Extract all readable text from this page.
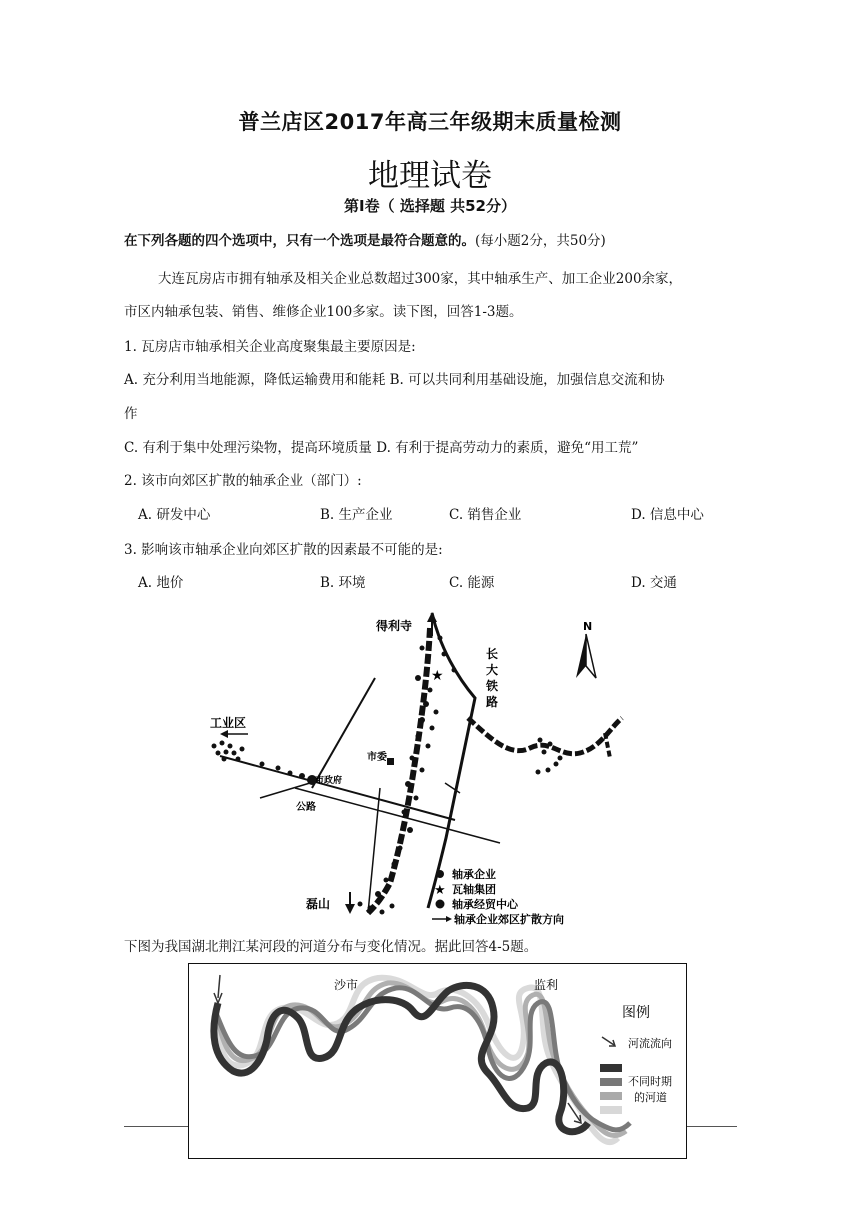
普兰店区2017年高三年级期末质量检测
地理试卷
第Ⅰ卷（ 选择题 共52分）
在下列各题的四个选项中，只有一个选项是最符合题意的。(每小题2分，共50分)
大连瓦房店市拥有轴承及相关企业总数超过300家，其中轴承生产、加工企业200余家，
市区内轴承包装、销售、维修企业100多家。读下图，回答1-3题。
1. 瓦房店市轴承相关企业高度聚集最主要原因是:
A. 充分利用当地能源，降低运输费用和能耗 B. 可以共同利用基础设施，加强信息交流和协
作
C. 有利于集中处理污染物，提高环境质量 D. 有利于提高劳动力的素质，避免“用工荒”
2. 该市向郊区扩散的轴承企业（部门）:
A. 研发中心	B. 生产企业	C. 销售企业	D. 信息中心
3. 影响该市轴承企业向郊区扩散的因素最不可能的是:
A. 地价	B. 环境	C. 能源	D. 交通
N
得利寺
长
大
铁
路
工业区
市政府
公路
市委
★
磊山
轴承企业
★ 瓦轴集团
轴承经贸中心
轴承企业郊区扩散方向
下图为我国湖北荆江某河段的河道分布与变化情况。据此回答4-5题。
沙市	监利
图例
河流流向
不同时期
的河道
